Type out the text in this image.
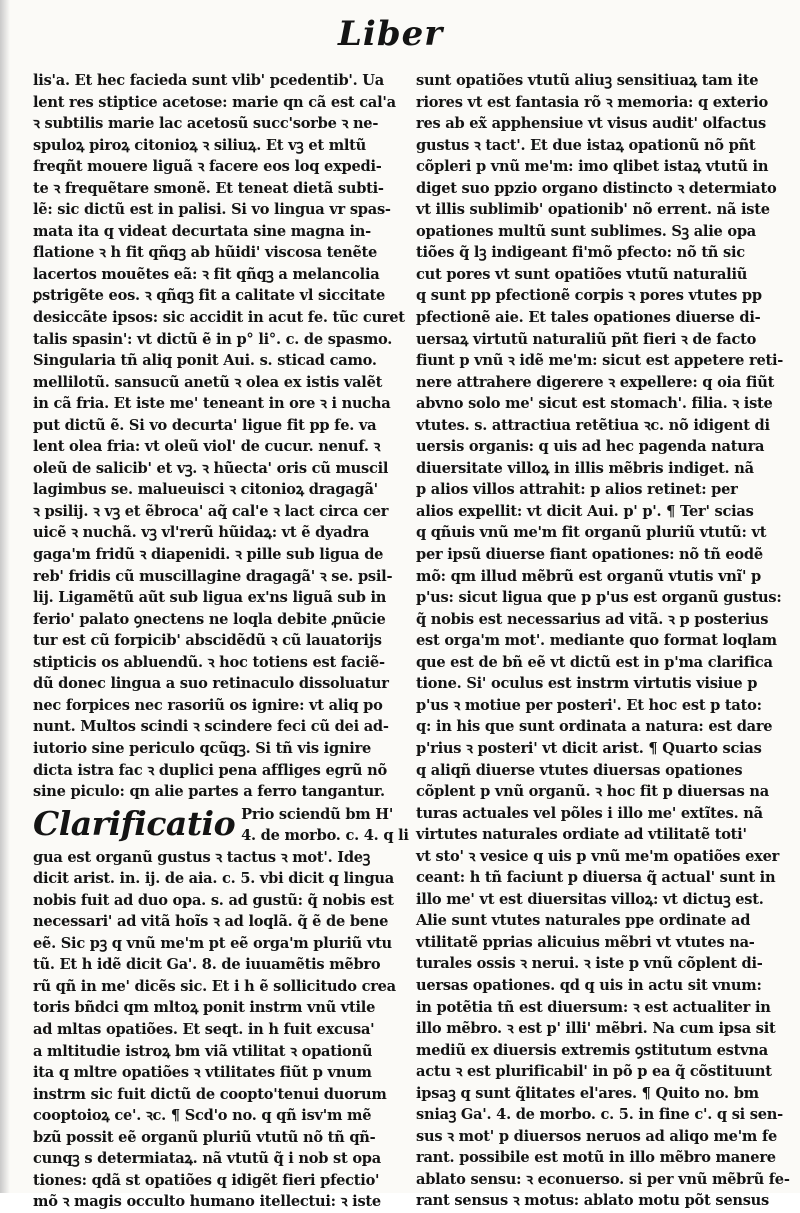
Liber
lis'a. Et hec facieda sunt vlib' pcedentib'. Ua
lent res stiptice acetose: marie qn cã est cal'a
ꝛ subtilis marie lac acetosũ succ'sorbe ꝛ ne-
spuloꝝ piroꝝ citonioꝝ ꝛ siliuꝝ. Et vꝫ et mltũ
freqñt mouere liguã ꝛ facere eos loq expedi-
te ꝛ frequẽtare smonẽ. Et teneat dietã subti-
lẽ: sic dictũ est in palisi. Si vo lingua vr spas-
mata ita q videat decurtata sine magna in-
flatione ꝛ h fit qñqꝫ ab hũidi' viscosa tenẽte
lacertos mouẽtes eã: ꝛ fit qñqꝫ a melancolia
ꝑstrigẽte eos. ꝛ qñqꝫ fit a calitate vl siccitate
desiccãte ipsos: sic accidit in acut fe. tũc curet
talis spasin': vt dictũ ẽ in p° li°. c. de spasmo.
Singularia tñ aliq ponit Aui. s. sticad camo.
mellilotũ. sansucũ anetũ ꝛ olea ex istis valẽt
in cã fria. Et iste me' teneant in ore ꝛ i nucha
put dictũ ẽ. Si vo decurta' ligue fit pp fe. va
lent olea fria: vt oleũ viol' de cucur. nenuf. ꝛ
oleũ de salicib' et vꝫ. ꝛ hũecta' oris cũ muscil
lagimbus se. malueuisci ꝛ citonioꝝ dragagã'
ꝛ psilij. ꝛ vꝫ et ẽbroca' aq̃ cal'e ꝛ lact circa cer
uicẽ ꝛ nuchã. vꝫ vl'rerũ hũidaꝝ: vt ẽ dyadra
gaga'm fridũ ꝛ diapenidi. ꝛ pille sub ligua de
reb' fridis cũ muscillagine dragagã' ꝛ se. psil-
lij. Ligamẽtũ aũt sub ligua ex'ns liguã sub in
ferio' palato ꝯnectens ne loqla debite ꝓnũcie
tur est cũ forpicib' abscidẽdũ ꝛ cũ lauatorijs
stipticis os abluendũ. ꝛ hoc totiens est faciẽ-
dũ donec lingua a suo retinaculo dissoluatur
nec forpices nec rasoriũ os ignire: vt aliq po
nunt. Multos scindi ꝛ scindere feci cũ dei ad-
iutorio sine periculo qcũqꝫ. Si tñ vis ignire
dicta istra fac ꝛ duplici pena affliges egrũ nõ
sine piculo: qn alie partes a ferro tangantur.
Clarificatio Prio sciendũ bm H'
4. de morbo. c. 4. q li
gua est organũ gustus ꝛ tactus ꝛ mot'. Ideꝫ
dicit arist. in. ij. de aia. c. 5. vbi dicit q lingua
nobis fuit ad duo opa. s. ad gustũ: q̃ nobis est
necessari' ad vitã hoĩs ꝛ ad loqlã. q̃ ẽ de bene
eẽ. Sic pꝫ q vnũ me'm pt eẽ orga'm pluriũ vtu
tũ. Et h idẽ dicit Ga'. 8. de iuuamẽtis mẽbro
rũ qñ in me' dicẽs sic. Et i h ẽ sollicitudo crea
toris bñdci qm mltoꝝ ponit instrm vnũ vtile
ad mltas opatiões. Et seqt. in h fuit excusa'
a mltitudie istroꝝ bm viã vtilitat ꝛ opationũ
ita q mltre opatiões ꝛ vtilitates fiũt p vnum
instrm sic fuit dictũ de coopto'tenui duorum
cooptoioꝝ ce'. ꝛc. ¶ Scd'o no. q qñ isv'm mẽ
bzũ possit eẽ organũ pluriũ vtutũ nõ tñ qñ-
cunqꝫ s determiataꝝ. nã vtutũ q̃ i nob st opa
tiones: qdã st opatiões q idigẽt fieri pfectio'
mõ ꝛ magis occulto humano itellectui: ꝛ iste
sunt opatiões vtutũ aliuꝫ sensitiuaꝝ tam ite
riores vt est fantasia rõ ꝛ memoria: q exterio
res ab ex̃ apphensiue vt visus audit' olfactus
gustus ꝛ tact'. Et due istaꝝ opationũ nõ pñt
cõpleri p vnũ me'm: imo qlibet istaꝝ vtutũ in
diget suo ppzio organo distincto ꝛ determiato
vt illis sublimib' opationib' nõ errent. nã iste
opationes multũ sunt sublimes. Sꝫ alie opa
tiões q̃ lꝫ indigeant fi'mõ pfecto: nõ tñ sic
cut pores vt sunt opatiões vtutũ naturaliũ
q sunt pp pfectionẽ corpis ꝛ pores vtutes pp
pfectionẽ aie. Et tales opationes diuerse di-
uersaꝝ virtutũ naturaliũ pñt fieri ꝛ de facto
fiunt p vnũ ꝛ idẽ me'm: sicut est appetere reti-
nere attrahere digerere ꝛ expellere: q oia fiũt
abvno solo me' sicut est stomach'. filia. ꝛ iste
vtutes. s. attractiua retẽtiua ꝛc. nõ idigent di
uersis organis: q uis ad hec pagenda natura
diuersitate villoꝝ in illis mẽbris indiget. nã
p alios villos attrahit: p alios retinet: per
alios expellit: vt dicit Aui. p' p'. ¶ Ter' scias
q qñuis vnũ me'm fit organũ pluriũ vtutũ: vt
per ipsũ diuerse fiant opationes: nõ tñ eodẽ
mõ: qm illud mẽbrũ est organũ vtutis vnĩ' p
p'us: sicut ligua que p p'us est organũ gustus:
q̃ nobis est necessarius ad vitã. ꝛ p posterius
est orga'm mot'. mediante quo format loqlam
que est de bñ eẽ vt dictũ est in p'ma clarifica
tione. Si' oculus est instrm virtutis visiue p
p'us ꝛ motiue per posteri'. Et hoc est p tato:
q: in his que sunt ordinata a natura: est dare
p'rius ꝛ posteri' vt dicit arist. ¶ Quarto scias
q aliqñ diuerse vtutes diuersas opationes
cõplent p vnũ organũ. ꝛ hoc fit p diuersas na
turas actuales vel põles i illo me' extĩtes. nã
virtutes naturales ordiate ad vtilitatẽ toti'
vt sto' ꝛ vesice q uis p vnũ me'm opatiões exer
ceant: h tñ faciunt p diuersa q̃ actual' sunt in
illo me' vt est diuersitas villoꝝ: vt dictuꝫ est.
Alie sunt vtutes naturales ppe ordinate ad
vtilitatẽ pprias alicuius mẽbri vt vtutes na-
turales ossis ꝛ nerui. ꝛ iste p vnũ cõplent di-
uersas opationes. qd q uis in actu sit vnum:
in potẽtia tñ est diuersum: ꝛ est actualiter in
illo mẽbro. ꝛ est p' illi' mẽbri. Na cum ipsa sit
mediũ ex diuersis extremis ꝯstitutum estvna
actu ꝛ est plurificabil' in põ p ea q̃ cõstituunt
ipsaꝫ q sunt q̃litates el'ares. ¶ Quito no. bm
sniaꝫ Ga'. 4. de morbo. c. 5. in fine c'. q si sen-
sus ꝛ mot' p diuersos neruos ad aliqo me'm fe
rant. possibile est motũ in illo mẽbro manere
ablato sensu: ꝛ econuerso. si per vnũ mẽbrũ fe-
rant sensus ꝛ motus: ablato motu põt sensus
